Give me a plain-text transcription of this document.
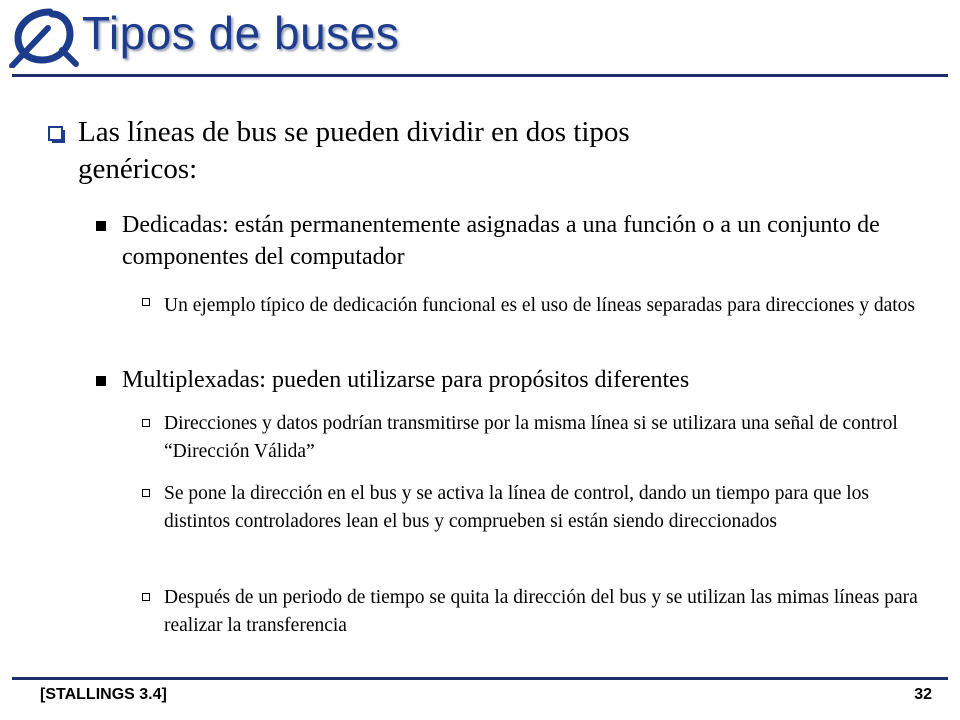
Tipos de buses
Las líneas de bus se pueden dividir en dos tipos genéricos:
Dedicadas: están permanentemente asignadas a una función o a un conjunto de componentes del computador
Un ejemplo típico de dedicación funcional es el uso de líneas separadas para direcciones y datos
Multiplexadas: pueden utilizarse para propósitos diferentes
Direcciones y datos podrían transmitirse por la misma línea si se utilizara una señal de control “Dirección Válida”
Se pone la dirección en el bus y se activa la línea de control, dando un tiempo para que los distintos controladores lean el bus y comprueben si están siendo direccionados
Después de un periodo de tiempo se quita la dirección del bus y se utilizan las mimas líneas para realizar la transferencia
[STALLINGS 3.4]	32
